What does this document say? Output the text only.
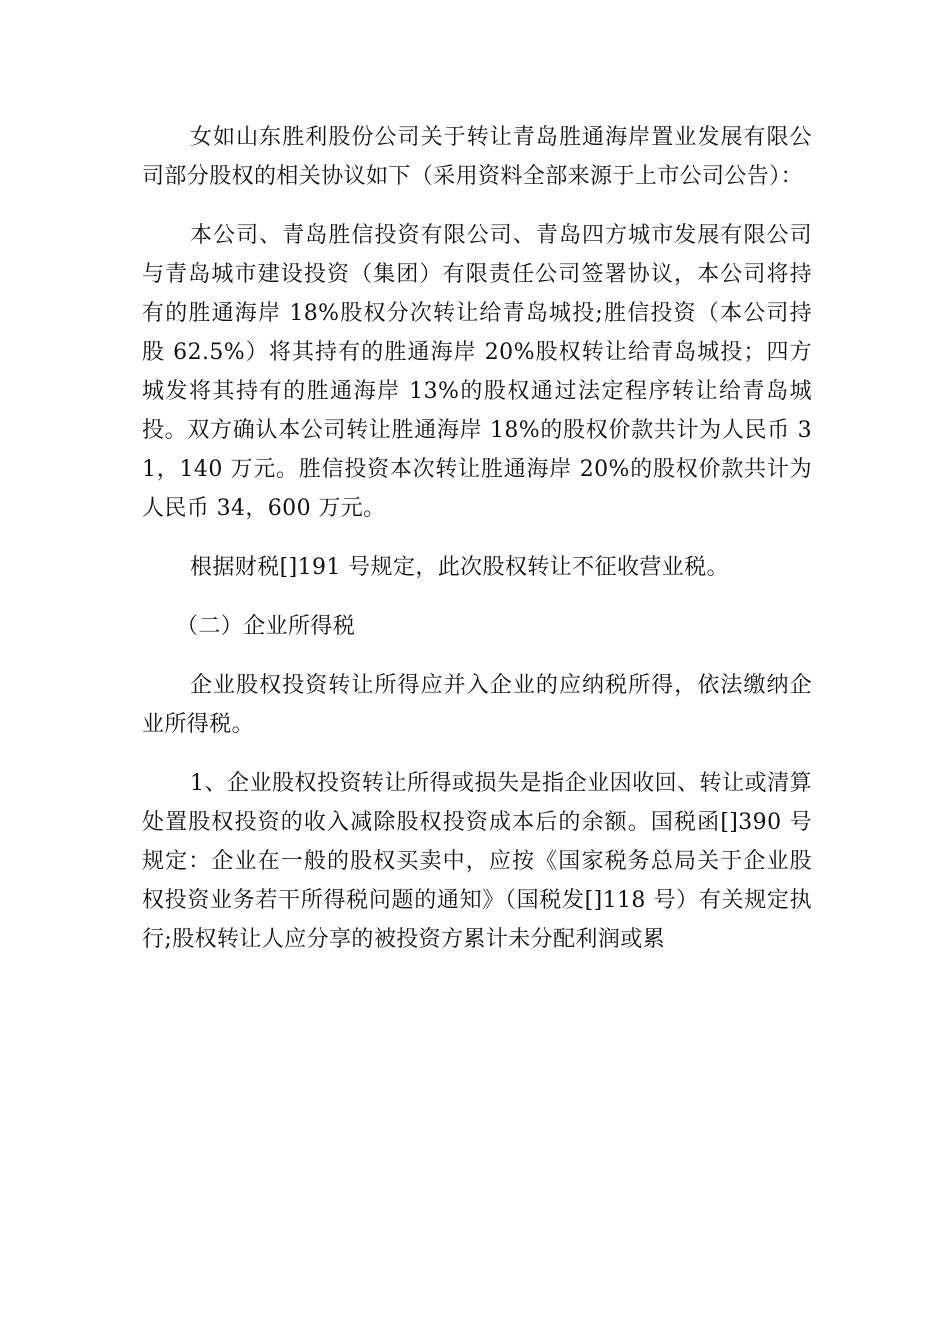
女如山东胜利股份公司关于转让青岛胜通海岸置业发展有限公司部分股权的相关协议如下（采用资料全部来源于上市公司公告）：

本公司、青岛胜信投资有限公司、青岛四方城市发展有限公司与青岛城市建设投资（集团）有限责任公司签署协议，本公司将持有的胜通海岸 18%股权分次转让给青岛城投;胜信投资（本公司持股 62.5%）将其持有的胜通海岸 20%股权转让给青岛城投；四方城发将其持有的胜通海岸 13%的股权通过法定程序转让给青岛城投。双方确认本公司转让胜通海岸 18%的股权价款共计为人民币 31，140 万元。胜信投资本次转让胜通海岸 20%的股权价款共计为人民币 34，600 万元。

根据财税[]191 号规定，此次股权转让不征收营业税。

（二）企业所得税

企业股权投资转让所得应并入企业的应纳税所得，依法缴纳企业所得税。

1、企业股权投资转让所得或损失是指企业因收回、转让或清算处置股权投资的收入减除股权投资成本后的余额。国税函[]390 号规定：企业在一般的股权买卖中，应按《国家税务总局关于企业股权投资业务若干所得税问题的通知》（国税发[]118 号）有关规定执行;股权转让人应分享的被投资方累计未分配利润或累
